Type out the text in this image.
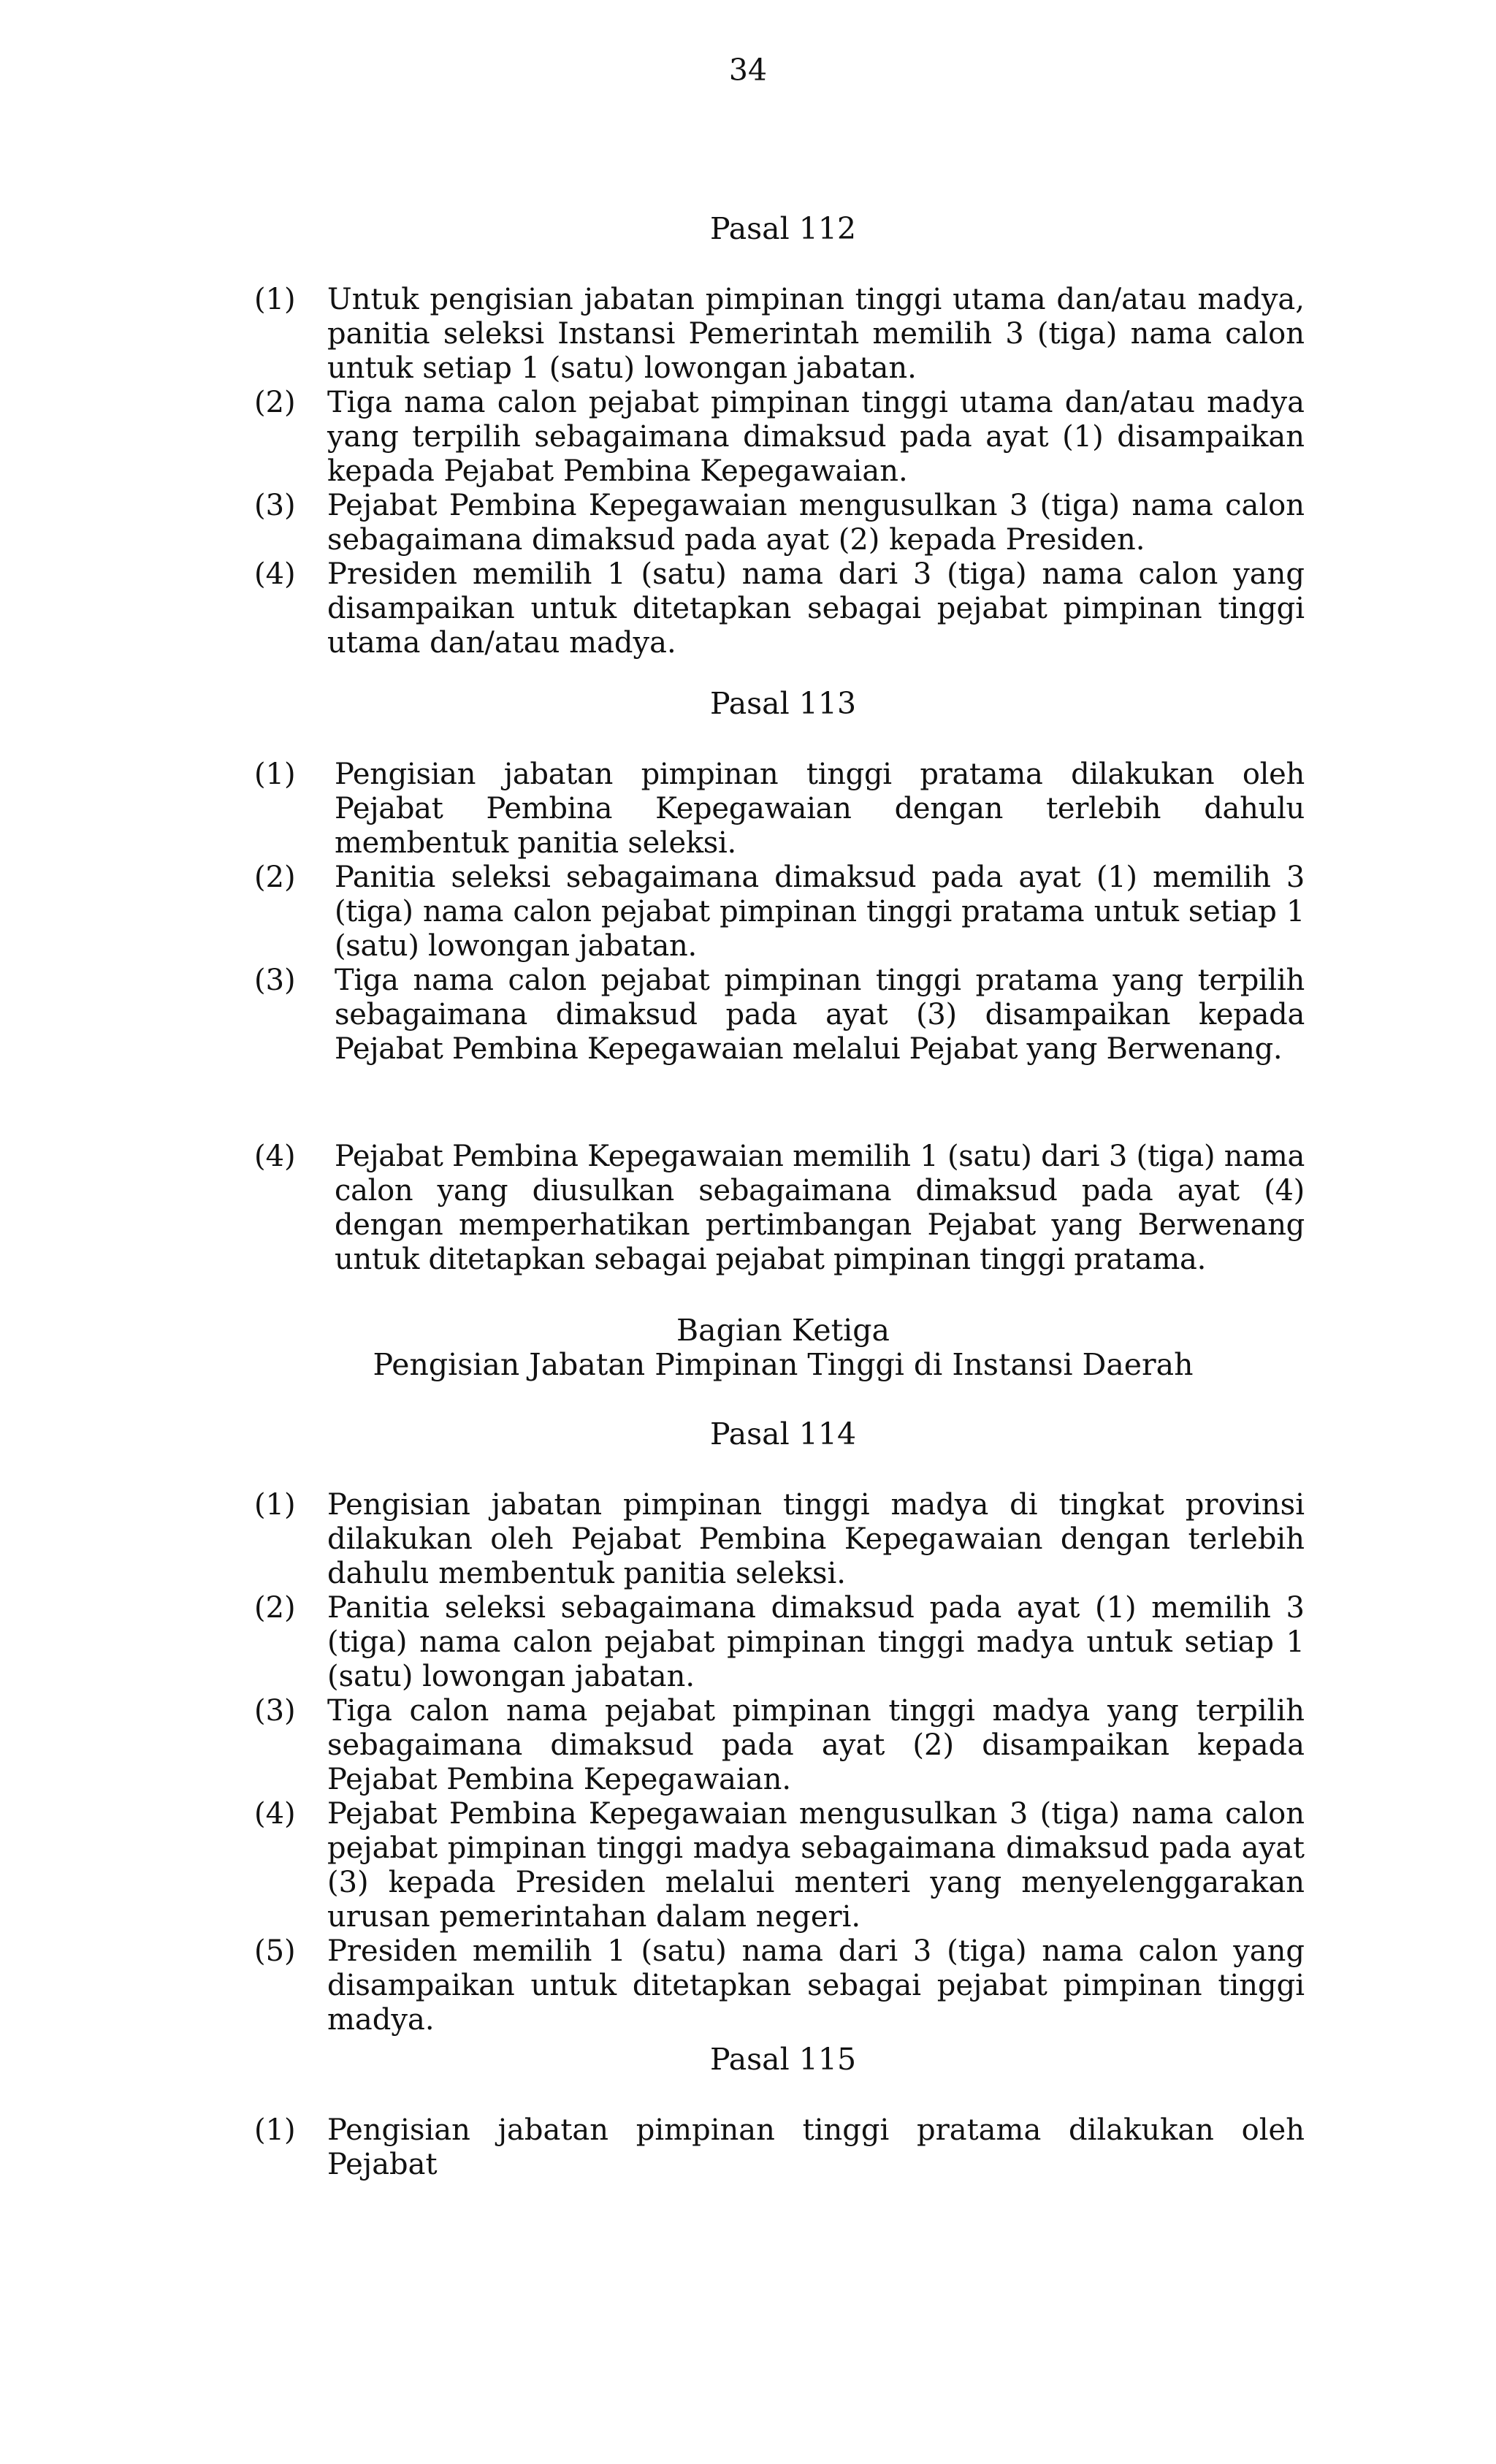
34
Pasal 112
(1) Untuk pengisian jabatan pimpinan tinggi utama dan/atau madya, panitia seleksi Instansi Pemerintah memilih 3 (tiga) nama calon untuk setiap 1 (satu) lowongan jabatan.
(2) Tiga nama calon pejabat pimpinan tinggi utama dan/atau madya yang terpilih sebagaimana dimaksud pada ayat (1) disampaikan kepada Pejabat Pembina Kepegawaian.
(3) Pejabat Pembina Kepegawaian mengusulkan 3 (tiga) nama calon sebagaimana dimaksud pada ayat (2) kepada Presiden.
(4) Presiden memilih 1 (satu) nama dari 3 (tiga) nama calon yang disampaikan untuk ditetapkan sebagai pejabat pimpinan tinggi utama dan/atau madya.
Pasal 113
(1) Pengisian jabatan pimpinan tinggi pratama dilakukan oleh Pejabat Pembina Kepegawaian dengan terlebih dahulu membentuk panitia seleksi.
(2) Panitia seleksi sebagaimana dimaksud pada ayat (1) memilih 3 (tiga) nama calon pejabat pimpinan tinggi pratama untuk setiap 1 (satu) lowongan jabatan.
(3) Tiga nama calon pejabat pimpinan tinggi pratama yang terpilih sebagaimana dimaksud pada ayat (3) disampaikan kepada Pejabat Pembina Kepegawaian melalui Pejabat yang Berwenang.
(4) Pejabat Pembina Kepegawaian memilih 1 (satu) dari 3 (tiga) nama calon yang diusulkan sebagaimana dimaksud pada ayat (4) dengan memperhatikan pertimbangan Pejabat yang Berwenang untuk ditetapkan sebagai pejabat pimpinan tinggi pratama.
Bagian Ketiga
Pengisian Jabatan Pimpinan Tinggi di Instansi Daerah
Pasal 114
(1) Pengisian jabatan pimpinan tinggi madya di tingkat provinsi dilakukan oleh Pejabat Pembina Kepegawaian dengan terlebih dahulu membentuk panitia seleksi.
(2) Panitia seleksi sebagaimana dimaksud pada ayat (1) memilih 3 (tiga) nama calon pejabat pimpinan tinggi madya untuk setiap 1 (satu) lowongan jabatan.
(3) Tiga calon nama pejabat pimpinan tinggi madya yang terpilih sebagaimana dimaksud pada ayat (2) disampaikan kepada Pejabat Pembina Kepegawaian.
(4) Pejabat Pembina Kepegawaian mengusulkan 3 (tiga) nama calon pejabat pimpinan tinggi madya sebagaimana dimaksud pada ayat (3) kepada Presiden melalui menteri yang menyelenggarakan urusan pemerintahan dalam negeri.
(5) Presiden memilih 1 (satu) nama dari 3 (tiga) nama calon yang disampaikan untuk ditetapkan sebagai pejabat pimpinan tinggi madya.
Pasal 115
(1) Pengisian jabatan pimpinan tinggi pratama dilakukan oleh Pejabat
